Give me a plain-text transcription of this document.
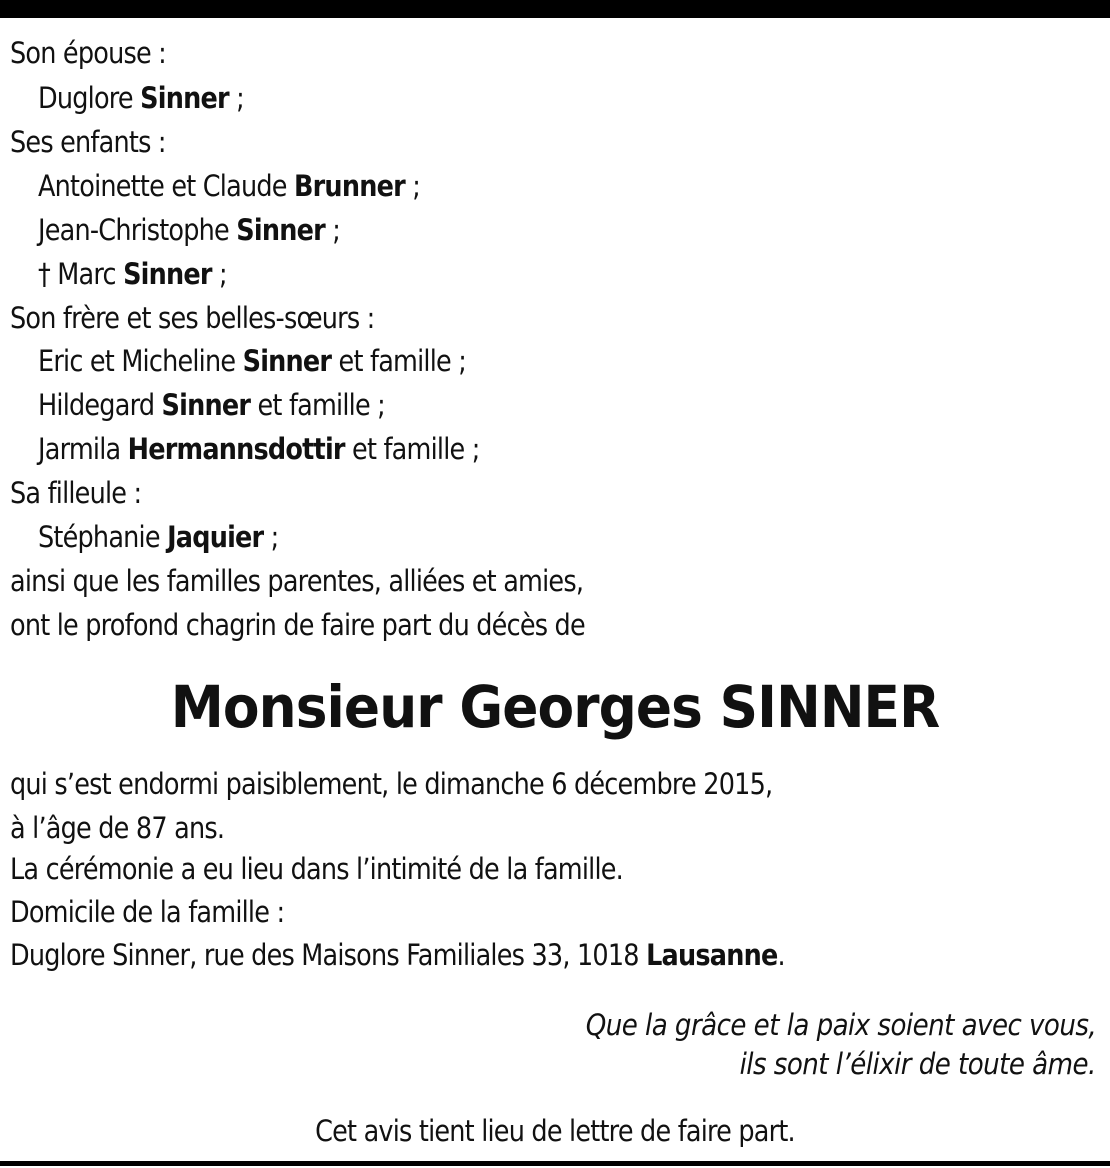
Son épouse :
Duglore Sinner ;
Ses enfants :
Antoinette et Claude Brunner ;
Jean-Christophe Sinner ;
† Marc Sinner ;
Son frère et ses belles-sœurs :
Eric et Micheline Sinner et famille ;
Hildegard Sinner et famille ;
Jarmila Hermannsdottir et famille ;
Sa filleule :
Stéphanie Jaquier ;
ainsi que les familles parentes, alliées et amies,
ont le profond chagrin de faire part du décès de
Monsieur Georges SINNER
qui s’est endormi paisiblement, le dimanche 6 décembre 2015,
à l’âge de 87 ans.
La cérémonie a eu lieu dans l’intimité de la famille.
Domicile de la famille :
Duglore Sinner, rue des Maisons Familiales 33, 1018 Lausanne.
Que la grâce et la paix soient avec vous,
ils sont l’élixir de toute âme.
Cet avis tient lieu de lettre de faire part.
